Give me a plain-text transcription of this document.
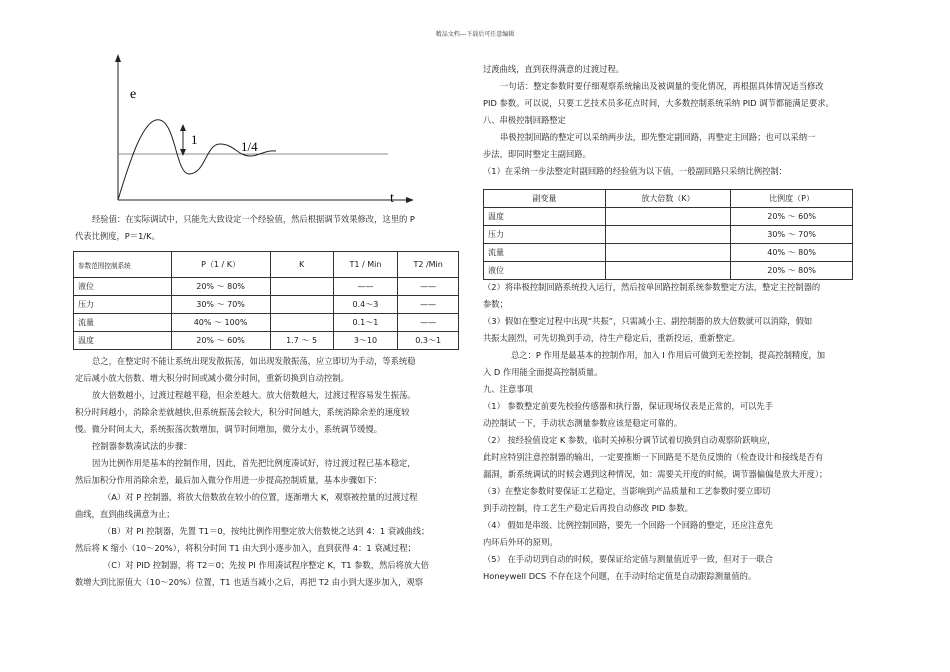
精品文档---下载后可任意编辑
e
t
1	1/4

经验值：在实际调试中，只能先大致设定一个经验值，然后根据调节效果修改，这里的 P

代表比例度，P＝1/K。

参数范围控制系统	P（1 / K）	K	T1 / Min	T2 /Min
液位	20% ～ 80%		——	——
压力	30% ～ 70%		0.4～3	——
流量	40% ～ 100%		0.1～1	——
温度	20% ～ 60%	1.7 ～ 5	3～10	0.3～1

总之，在整定时不能让系统出现发散振荡，如出现发散振荡，应立即切为手动，等系统稳

定后减小放大倍数、增大积分时间或减小微分时间，重新切换到自动控制。

放大倍数越小，过渡过程越平稳，但余差越大。放大倍数越大，过渡过程容易发生振荡。

积分时间越小，消除余差就越快,但系统振荡会较大，积分时间越大，系统消除余差的速度较

慢。微分时间太大，系统振荡次数增加，调节时间增加，微分太小，系统调节缓慢。

控制器参数凑试法的步骤：

因为比例作用是基本的控制作用，因此，首先把比例度凑试好，待过渡过程已基本稳定，

然后加积分作用消除余差，最后加入微分作用进一步提高控制质量，基本步骤如下：

（A）对 P 控制器，将放大倍数放在较小的位置，逐渐增大 K，观察被控量的过渡过程

曲线，直到曲线满意为止；

（B）对 PI 控制器，先置 T1＝0，按纯比例作用整定放大倍数使之达到 4：1 衰减曲线；

然后将 K 缩小（10～20%），将积分时间 T1 由大到小逐步加入，直到获得 4：1 衰减过程；

（C）对 PID 控制器，将 T2＝0；先按 PI 作用凑试程序整定 K，T1 参数，然后将放大倍

数增大到比原值大（10～20%）位置，T1 也适当减小之后，再把 T2 由小到大逐步加入，观察

过渡曲线，直到获得满意的过渡过程。

一句话：整定参数时要仔细观察系统输出及被调量的变化情况，再根据具体情况适当修改

PID 参数。可以说，只要工艺技术员多花点时间，大多数控制系统采纳 PID 调节都能满足要求。

八、串极控制回路整定

串极控制回路的整定可以采纳两步法，即先整定副回路，再整定主回路；也可以采纳一

步法，即同时整定主副回路。

（1）在采纳一步法整定时副回路的经验值为以下值，一般副回路只采纳比例控制：

副变量	放大倍数（K）	比例度（P）
温度		20% ～ 60%
压力		30% ～ 70%
流量		40% ～ 80%
液位		20% ～ 80%

（2）将串极控制回路系统投入运行，然后按单回路控制系统参数整定方法，整定主控制器的

参数；

（3）假如在整定过程中出现“共振”，只需减小主、副控制器的放大倍数就可以消除，假如

共振太剧烈，可先切换到手动，待生产稳定后，重新投运，重新整定。

总之：P 作用是最基本的控制作用，加入 I 作用后可做到无差控制，提高控制精度，加

入 D 作用能全面提高控制质量。

九、注意事项

（1） 参数整定前要先校验传感器和执行器，保证现场仪表是正常的，可以先手

动控制试一下，手动状态测量参数应该是稳定可靠的。

（2） 按经验值设定 K 参数，临时关掉积分调节试着切换到自动观察阶跃响应，

此时应特别注意控制器的输出，一定要推断一下回路是不是负反馈的（检查设计和接线是否有

漏洞，新系统调试的时候会遇到这种情况，如：需要关开度的时候，调节器偏偏是放大开度）；

（3）在整定参数时要保证工艺稳定，当影响到产品质量和工艺参数时要立即切

到手动控制，待工艺生产稳定后再投自动修改 PID 参数。

（4） 假如是串级、比例控制回路，要先一个回路一个回路的整定，还应注意先

内环后外环的原则。

（5） 在手动切到自动的时候，要保证给定值与测量值近乎一致，但对于一联合

Honeywell DCS 不存在这个问题，在手动时给定值是自动跟踪测量值的。
